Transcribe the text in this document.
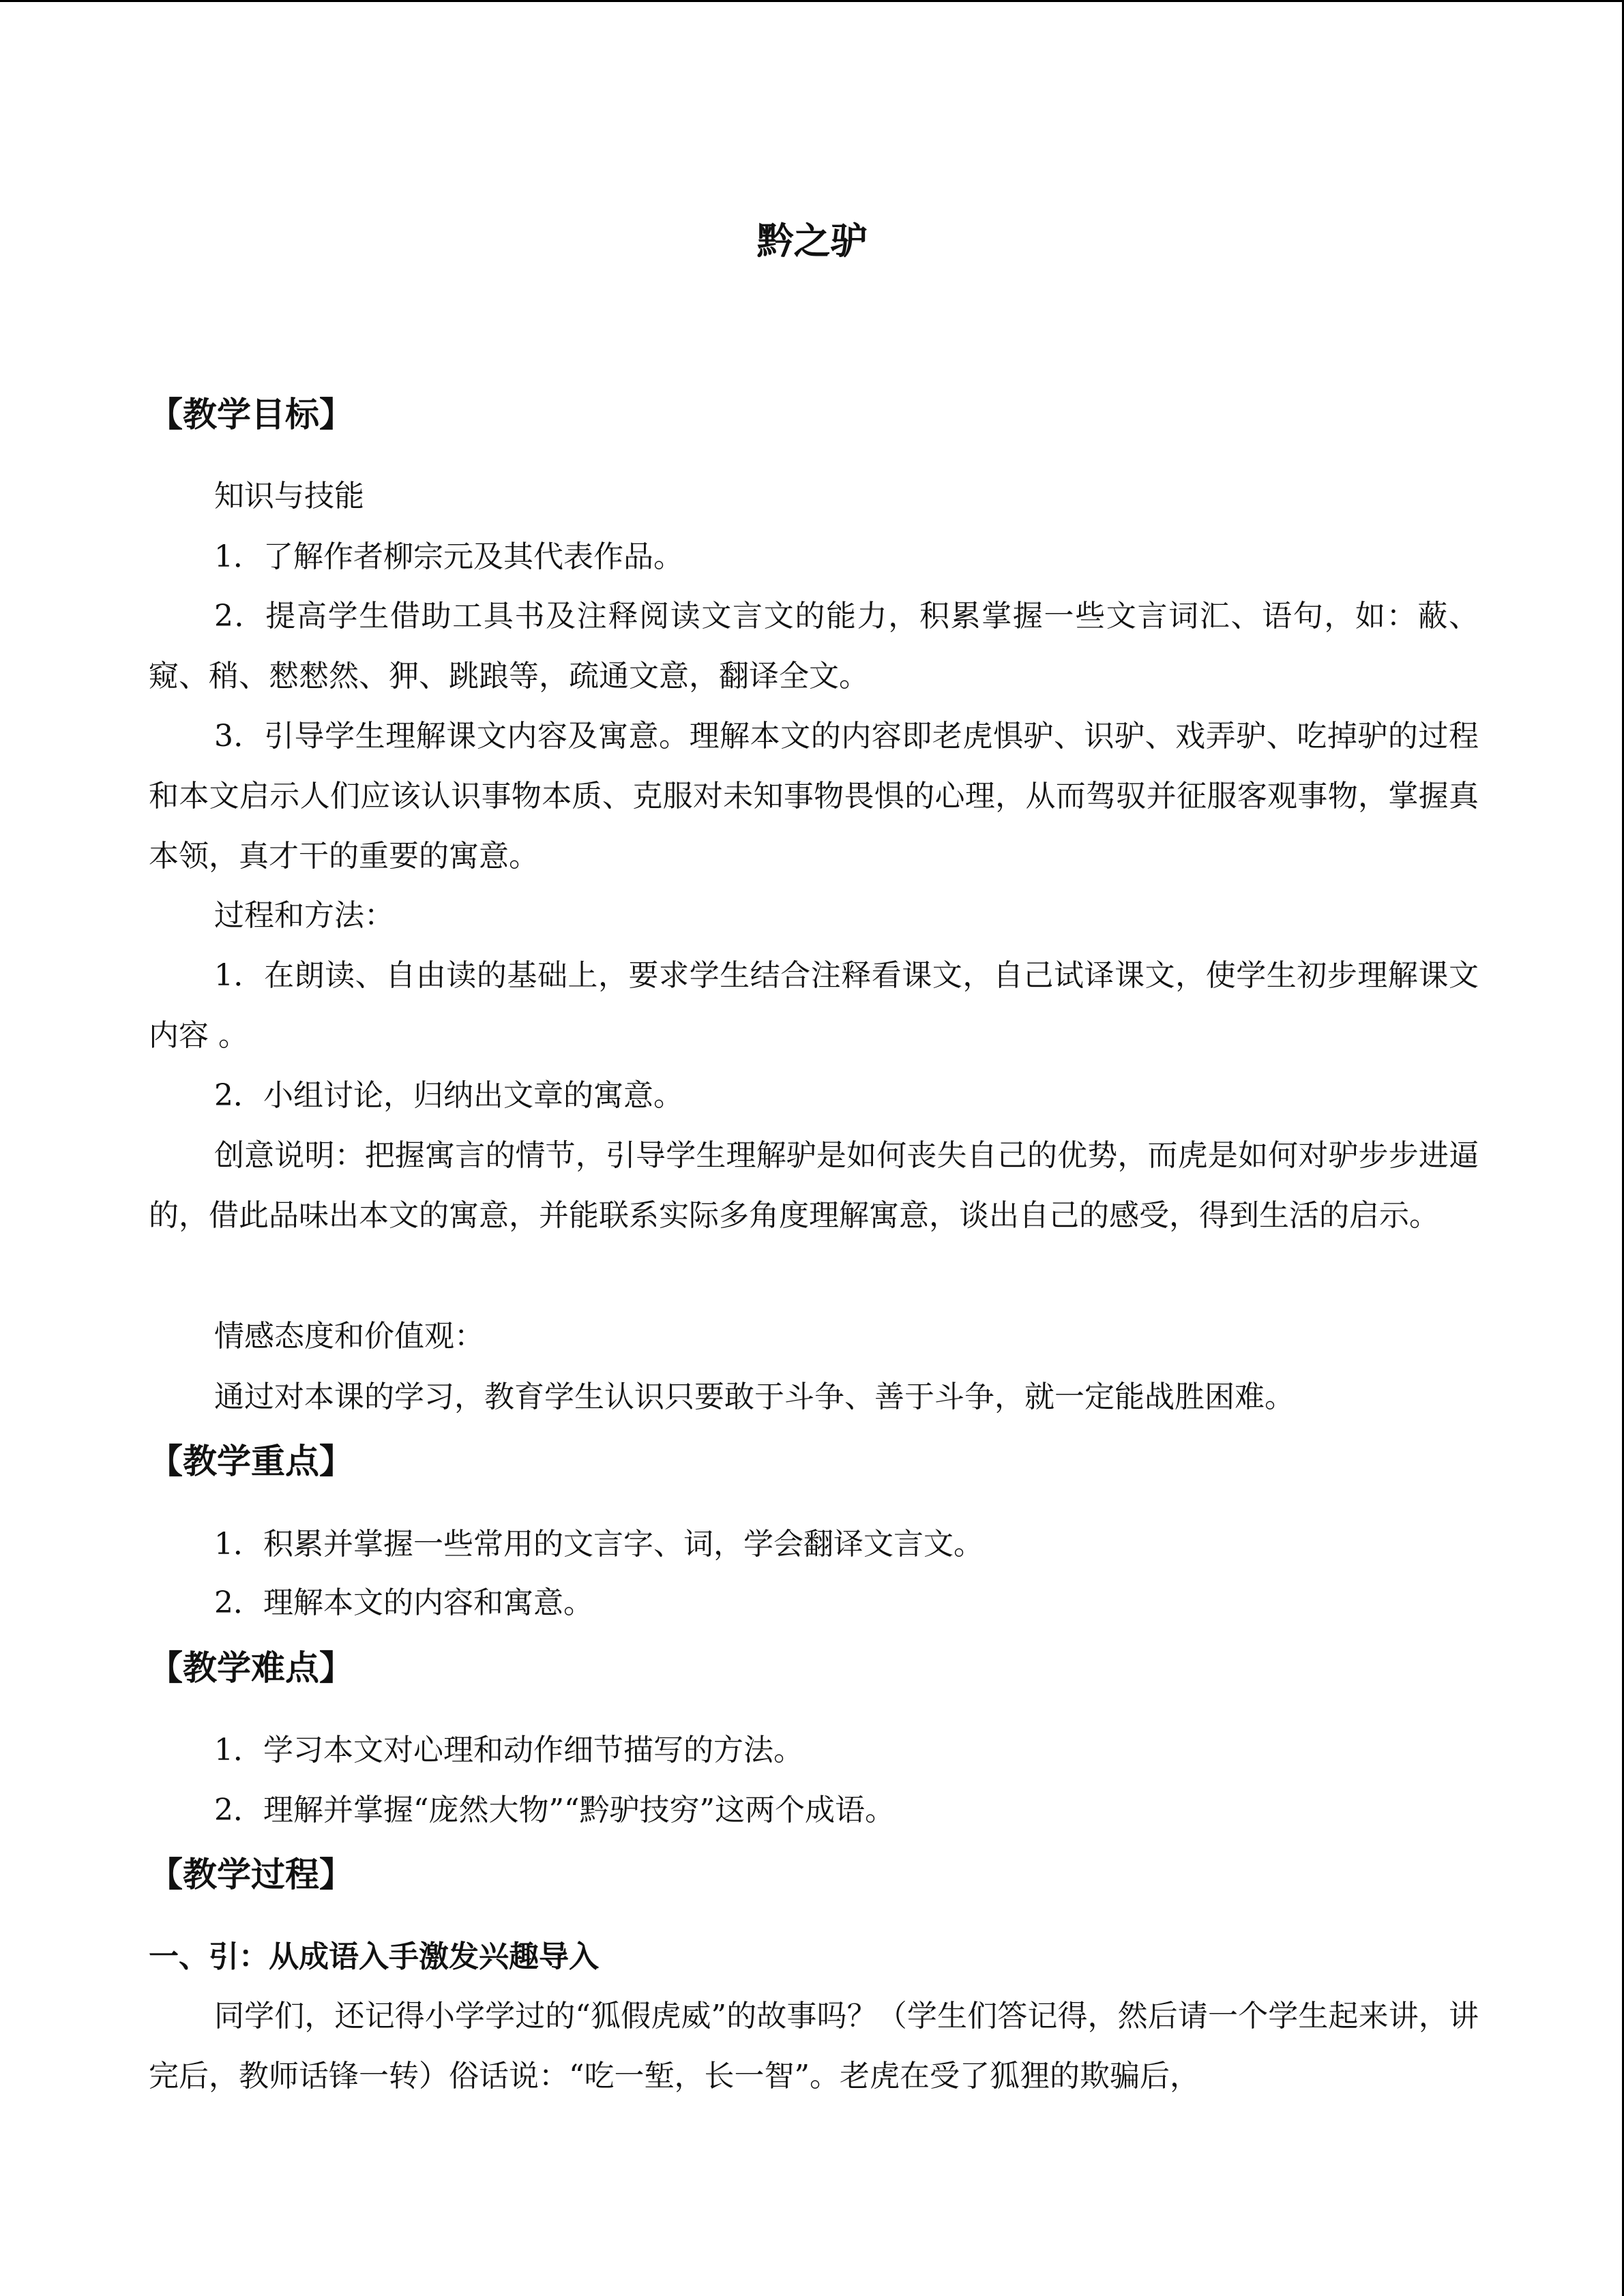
黔之驴
【教学目标】
知识与技能

1．了解作者柳宗元及其代表作品。

2．提高学生借助工具书及注释阅读文言文的能力，积累掌握一些文言词汇、语句，如：蔽、窥、稍、憖憖然、狎、跳踉等，疏通文意，翻译全文。

3．引导学生理解课文内容及寓意。理解本文的内容即老虎惧驴、识驴、戏弄驴、吃掉驴的过程和本文启示人们应该认识事物本质、克服对未知事物畏惧的心理，从而驾驭并征服客观事物，掌握真本领，真才干的重要的寓意。

过程和方法：

1．在朗读、自由读的基础上，要求学生结合注释看课文，自己试译课文，使学生初步理解课文内容 。

2．小组讨论，归纳出文章的寓意。

创意说明：把握寓言的情节，引导学生理解驴是如何丧失自己的优势，而虎是如何对驴步步进逼的，借此品味出本文的寓意，并能联系实际多角度理解寓意，谈出自己的感受，得到生活的启示。

情感态度和价值观：

通过对本课的学习，教育学生认识只要敢于斗争、善于斗争，就一定能战胜困难。

【教学重点】

1．积累并掌握一些常用的文言字、词，学会翻译文言文。

2．理解本文的内容和寓意。

【教学难点】

1．学习本文对心理和动作细节描写的方法。

2．理解并掌握“庞然大物”“黔驴技穷”这两个成语。

【教学过程】
一、引：从成语入手激发兴趣导入

同学们，还记得小学学过的“狐假虎威”的故事吗？（学生们答记得，然后请一个学生起来讲，讲完后，教师话锋一转）俗话说：“吃一堑，长一智”。老虎在受了狐狸的欺骗后，
